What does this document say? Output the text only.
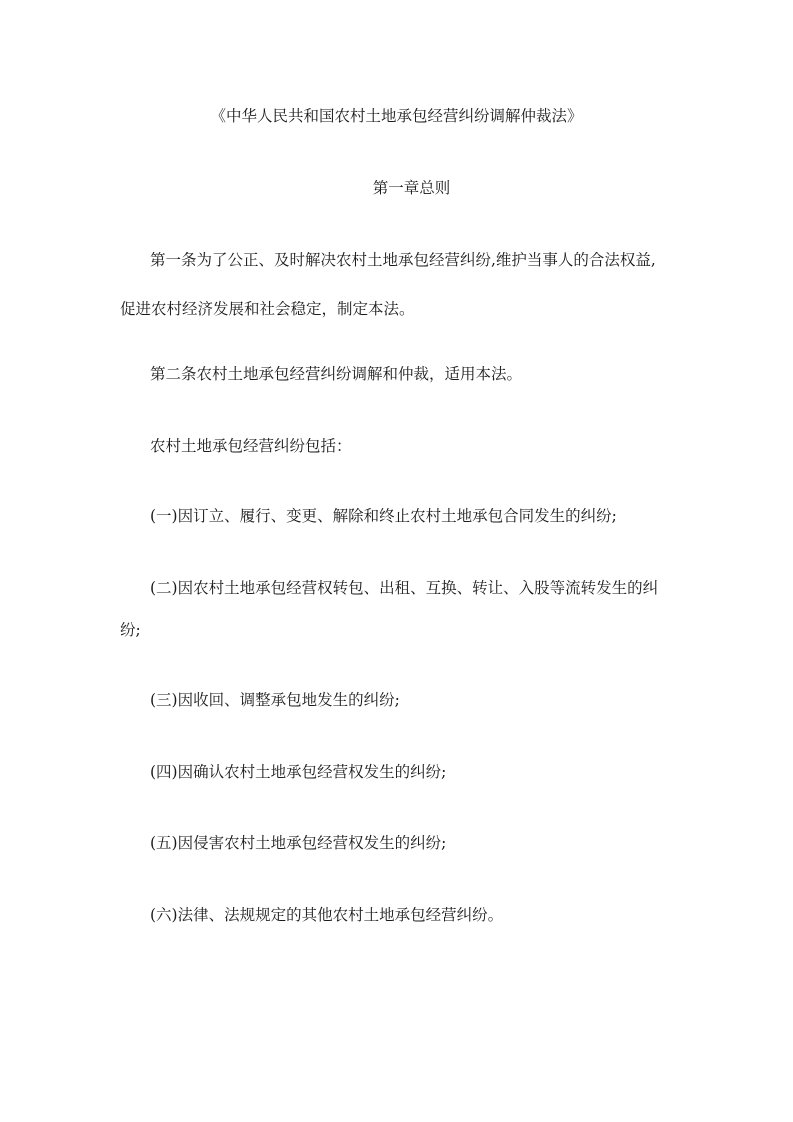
《中华人民共和国农村土地承包经营纠纷调解仲裁法》

第一章总则

第一条为了公正、及时解决农村土地承包经营纠纷,维护当事人的合法权益,

促进农村经济发展和社会稳定，制定本法。

第二条农村土地承包经营纠纷调解和仲裁，适用本法。

农村土地承包经营纠纷包括：

(一)因订立、履行、变更、解除和终止农村土地承包合同发生的纠纷;

(二)因农村土地承包经营权转包、出租、互换、转让、入股等流转发生的纠

纷;

(三)因收回、调整承包地发生的纠纷;

(四)因确认农村土地承包经营权发生的纠纷;

(五)因侵害农村土地承包经营权发生的纠纷;

(六)法律、法规规定的其他农村土地承包经营纠纷。
